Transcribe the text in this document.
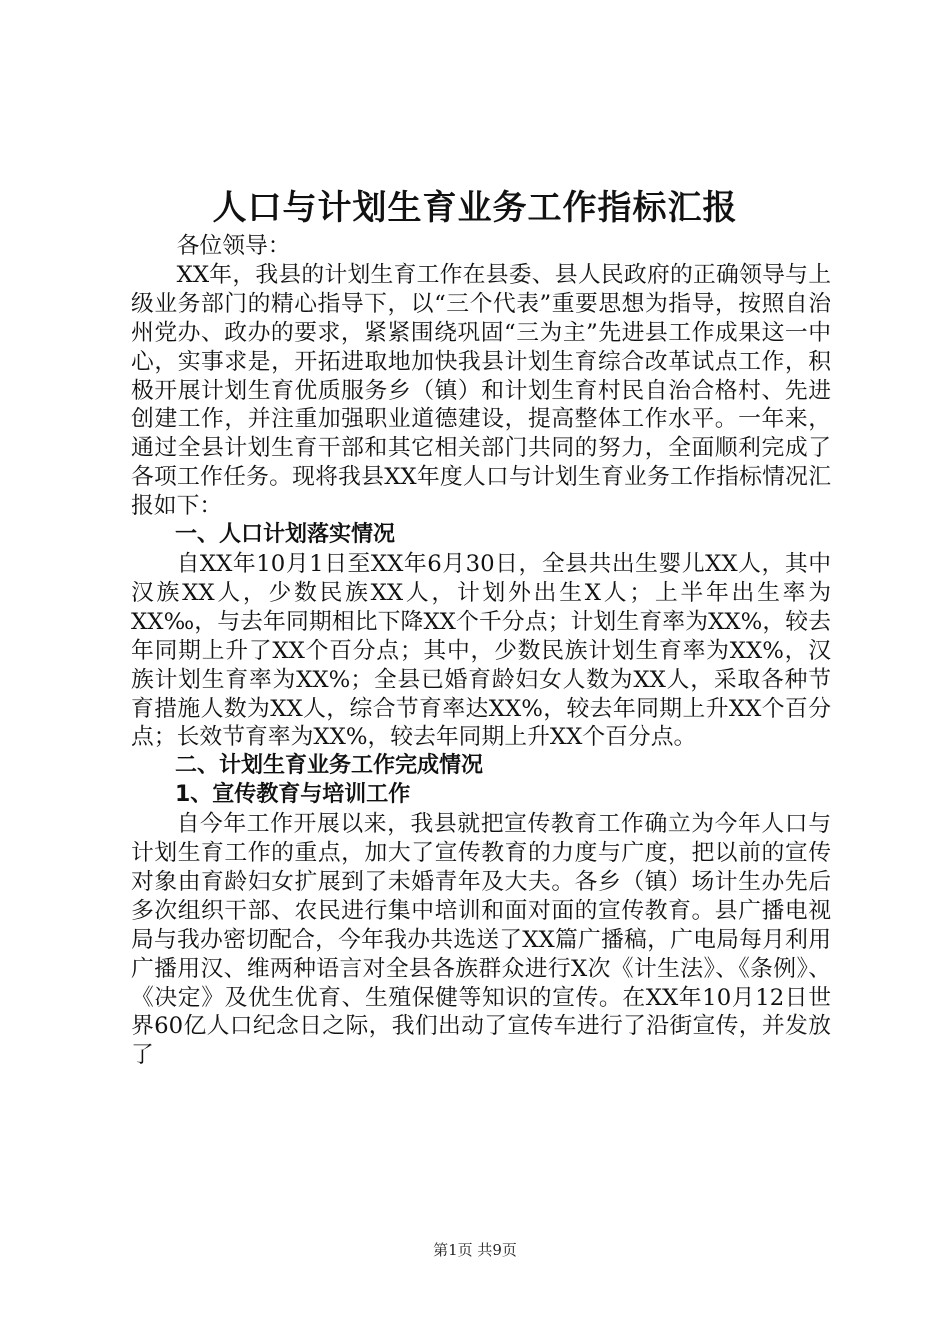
人口与计划生育业务工作指标汇报

各位领导：

XX年，我县的计划生育工作在县委、县人民政府的正确领导与上级业务部门的精心指导下，以“三个代表”重要思想为指导，按照自治州党办、政办的要求，紧紧围绕巩固“三为主”先进县工作成果这一中心，实事求是，开拓进取地加快我县计划生育综合改革试点工作，积极开展计划生育优质服务乡（镇）和计划生育村民自治合格村、先进创建工作，并注重加强职业道德建设，提高整体工作水平。一年来，通过全县计划生育干部和其它相关部门共同的努力，全面顺利完成了各项工作任务。现将我县XX年度人口与计划生育业务工作指标情况汇报如下：

一、人口计划落实情况

自XX年10月1日至XX年6月30日，全县共出生婴儿XX人，其中汉族XX人，少数民族XX人，计划外出生X人；上半年出生率为XX‰，与去年同期相比下降XX个千分点；计划生育率为XX%，较去年同期上升了XX个百分点；其中，少数民族计划生育率为XX%，汉族计划生育率为XX%；全县已婚育龄妇女人数为XX人，采取各种节育措施人数为XX人，综合节育率达XX%，较去年同期上升XX个百分点；长效节育率为XX%，较去年同期上升XX个百分点。

二、计划生育业务工作完成情况
1、宣传教育与培训工作

自今年工作开展以来，我县就把宣传教育工作确立为今年人口与计划生育工作的重点，加大了宣传教育的力度与广度，把以前的宣传对象由育龄妇女扩展到了未婚青年及大夫。各乡（镇）场计生办先后多次组织干部、农民进行集中培训和面对面的宣传教育。县广播电视局与我办密切配合，今年我办共选送了XX篇广播稿，广电局每月利用广播用汉、维两种语言对全县各族群众进行X次《计生法》、《条例》、《决定》及优生优育、生殖保健等知识的宣传。在XX年10月12日世界60亿人口纪念日之际，我们出动了宣传车进行了沿街宣传，并发放了

第1页 共9页
